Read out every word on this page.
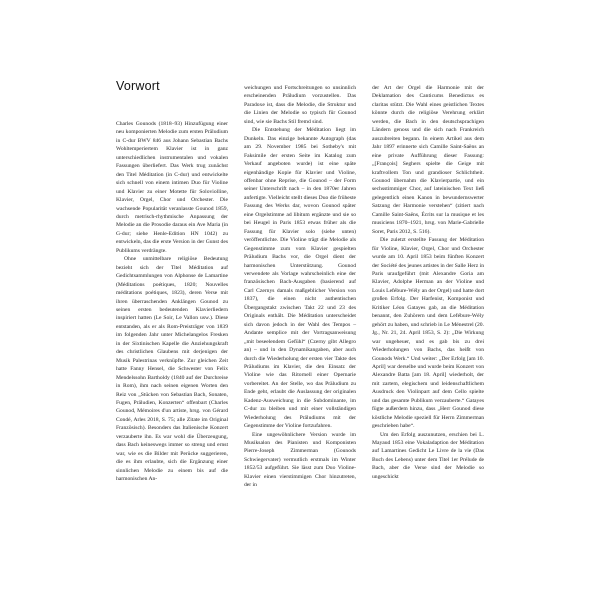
Vorwort

Charles Gounods (1818–93) Hinzufügung einer neu komponierten Melodie zum ersten Präludium in C-dur BWV 846 aus Johann Sebastian Bachs Wohltemperiertem Klavier ist in ganz unterschiedlichen instrumentalen und vokalen Fassungen überliefert. Das Werk trug zunächst den Titel Méditation (in C-dur) und entwickelte sich schnell von einem intimen Duo für Violine und Klavier zu einer Motette für Soloviolline, Klavier, Orgel, Chor und Orchester. Die wachsende Popularität veranlasste Gounod 1859, durch metrisch-rhythmische Anpassung der Melodie an die Prosodie daraus ein Ave Maria (in G-dur; siehe Henle-Edition HN 1042) zu entwickeln, das die erste Version in der Gunst des Publikums verdrängte.

Ohne unmittelbare religiöse Bedeutung bezieht sich der Titel Méditation auf Gedichtsammlungen von Alphonse de Lamartine (Méditations poétiques, 1820; Nouvelles méditations poétiques, 1823), deren Verse mit ihren überraschenden Anklängen Gounod zu seinen ersten bedeutenden Klavierliedern inspiriert hatten (Le Soir, Le Vallon usw.). Diese entstanden, als er als Rom-Preisträger von 1839 im folgenden Jahr unter Michelangelos Fresken in der Sixtinischen Kapelle die Anziehungskraft des christlichen Glaubens mit derjenigen der Musik Palestrinas verknüpfte. Zur gleichen Zeit hatte Fanny Hensel, die Schwester von Felix Mendelssohn Bartholdy (1840 auf der Durchreise in Rom), ihm nach seinen eigenen Worten den Reiz von „Stücken von Sebastian Bach, Sonaten, Fugen, Präludien, Konzerten“ offenbart (Charles Gounod, Mémoires d'un artiste, hrsg. von Gérard Condé, Arles 2018, S. 75; alle Zitate im Original Französisch). Besonders das Italienische Konzert verzauberte ihn. Es war wohl die Überzeugung, dass Bach keineswegs immer so streng und ernst war, wie es die Bilder mit Perücke suggerieren, die es ihm erlaubte, sich die Ergänzung einer sinnlichen Melodie zu einem bis auf die harmonischen An-

weichungen und Fortschreitungen so unsinnlich erscheinenden Präludium vorzustellen. Das Paradoxe ist, dass die Melodie, die Struktur und die Linien der Melodie so typisch für Gounod sind, wie sie Bachs Stil fremd sind.

Die Entstehung der Méditation liegt im Dunkeln. Das einzige bekannte Autograph (das am 29. November 1985 bei Sotheby's mit Faksimile der ersten Seite im Katalog zum Verkauf angeboten wurde) ist eine späte eigenhändige Kopie für Klavier und Violine, offenbar ohne Reprise, die Gounod – der Form seiner Unterschrift nach – in den 1870er Jahren anfertigte. Vielleicht stellt dieses Duo die früheste Fassung des Werks dar, wovon Gounod später eine Orgelstimme ad libitum ergänzte und sie so bei Heugel in Paris 1853 etwas früher als die Fassung für Klavier solo (siehe unten) veröffentlichte. Die Violine trägt die Melodie als Gegenstimme zum vom Klavier gespielten Präludium Bachs vor, die Orgel dient der harmonischen Unterstützung. Gounod verwendete als Vorlage wahrscheinlich eine der französischen Bach-Ausgaben (basierend auf Carl Czernys damals maßgeblicher Version von 1837), die einen nicht authentischen Übergangstakt zwischen Takt 22 und 23 des Originals enthält. Die Méditation unterscheidet sich davon jedoch in der Wahl des Tempos – Andante semplice mit der Vortragsanweisung „mit beseelendem Gefühl“ (Czerny gibt Allegro an) – und in den Dynamikangaben, aber auch durch die Wiederholung der ersten vier Takte des Präludiums im Klavier, die den Einsatz der Violine wie das Ritornell einer Opernarie vorbereitet. An der Stelle, wo das Präludium zu Ende geht, erlaubt die Auslassung der originalen Kadenz-Ausweichung in die Subdominante, im C-dur zu bleiben und mit einer vollständigen Wiederholung des Präludiums mit der Gegenstimme der Violine fortzufahren.

Eine ungewöhnlichere Version wurde im Musiksalon des Pianisten und Komponisten Pierre-Joseph Zimmerman (Gounods Schwiegervater) vermutlich erstmals im Winter 1852/53 aufgeführt. Sie lässt zum Duo Violine-Klavier einen vierstimmigen Chor hinzutreten, der in

der Art der Orgel die Harmonie mit der Deklamation des Canticums Benedictus es claritas stützt. Die Wahl eines geistlichen Textes könnte durch die religiöse Verehrung erklärt werden, die Bach in den deutschsprachigen Ländern genoss und die sich nach Frankreich auszubreiten begann. In einem Artikel aus dem Jahr 1897 erinnerte sich Camille Saint-Saëns an eine private Aufführung dieser Fassung: „[François] Seghers spielte die Geige mit kraftvollem Ton und grandioser Schlichtheit. Gounod übernahm die Klavierpartie, und ein sechsstimmiger Chor, auf lateinischen Text ließ gelegentlich einen Kanon in bewundernswerter Satzung der Harmonie verstehen“ (zitiert nach Camille Saint-Saëns, Écrits sur la musique et les musiciens 1870–1921, hrsg. von Marie-Gabrielle Soret, Paris 2012, S. 516).

Die zuletzt erstellte Fassung der Méditation für Violine, Klavier, Orgel, Chor und Orchester wurde am 10. April 1853 beim fünften Konzert der Société des jeunes artistes in der Salle Herz in Paris uraufgeführt (mit Alexandre Goria am Klavier, Adolphe Herman an der Violine und Louis Lefébure-Wély an der Orgel) und hatte dort großen Erfolg. Der Harfenist, Komponist und Kritiker Léon Gatayes gab, an die Méditation benannt, den Zuhörern und dem Lefébure-Wély gehört zu haben, und schrieb in Le Ménestrel (20. Jg., Nr. 21, 24. April 1853, S. 2): „Die Wirkung war ungeheuer, und es gab bis zu drei Wiederholungen von Bachs, das heißt von Gounods Werk.“ Und weiter: „Der Erfolg [am 10. April] war derselbe und wurde beim Konzert von Alexandre Batta [am 18. April] wiederholt, der mit zartem, elegischem und leidenschaftlichem Ausdruck den Violinpart auf dem Cello spielte und das gesamte Publikum verzauberte.“ Gatayes fügte außerdem hinzu, dass „Herr Gounod diese köstliche Melodie speziell für Herrn Zimmerman geschrieben habe“.

Um den Erfolg auszunutzen, erschien bei L. Mayaud 1853 eine Vokaladaption der Méditation auf Lamartines Gedicht Le Livre de la vie (Das Buch des Lebens) unter dem Titel 1er Prélude de Bach, aber die Verse sind der Melodie so ungeschickt
